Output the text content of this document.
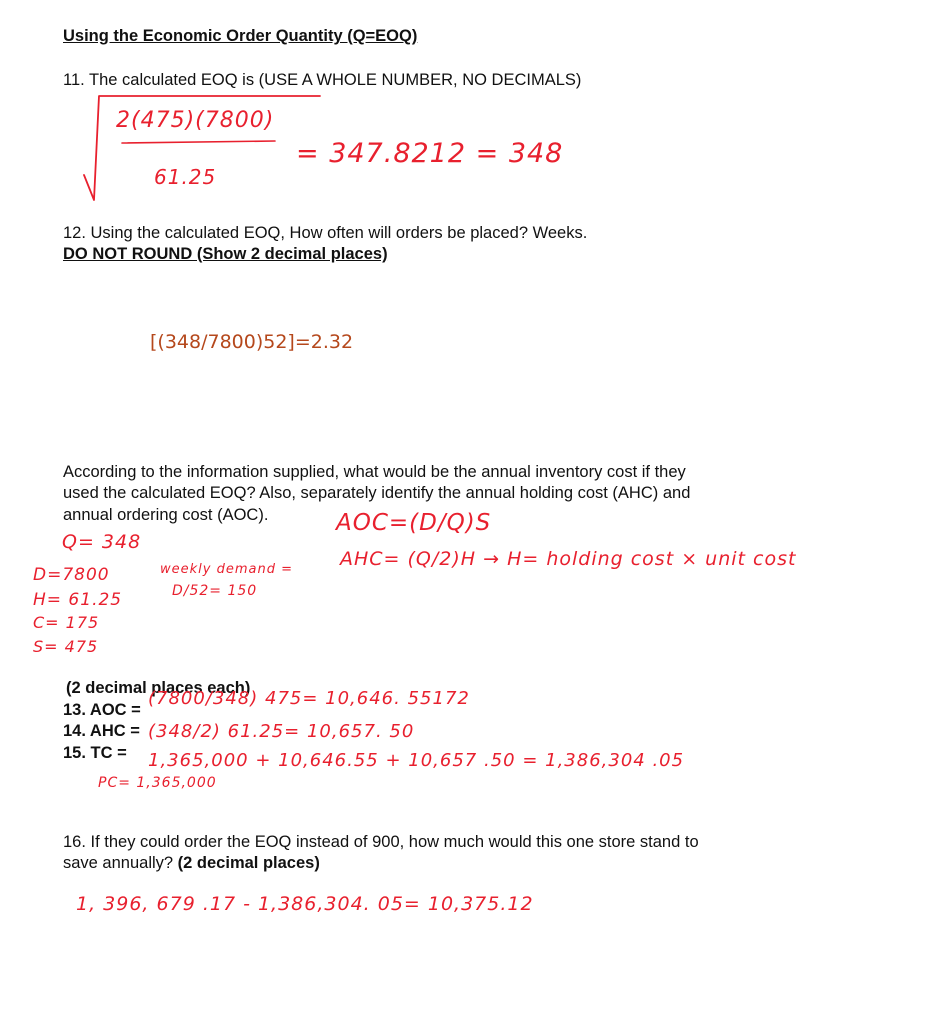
Using the Economic Order Quantity (Q=EOQ)
11. The calculated EOQ is (USE A WHOLE NUMBER, NO DECIMALS)
2(475)(7800)
61.25
= 347.8212 = 348
12. Using the calculated EOQ, How often will orders be placed? Weeks.
DO NOT ROUND (Show 2 decimal places)
[(348/7800)52]=2.32
According to the information supplied, what would be the annual inventory cost if they
used the calculated EOQ? Also, separately identify the annual holding cost (AHC) and
annual ordering cost (AOC).	AOC=(D/Q)S
AHC= (Q/2)H → H= holding cost × unit cost
Q= 348
D=7800
H= 61.25
C= 175
S= 475
weekly demand =
D/52= 150
(2 decimal places each)
13. AOC =
(7800/348) 475= 10,646. 55172
14. AHC = (348/2) 61.25= 10,657. 50
15. TC = 1,365,000 + 10,646.55 + 10,657 .50 = 1,386,304 .05
PC= 1,365,000
16. If they could order the EOQ instead of 900, how much would this one store stand to
save annually? (2 decimal places)
1, 396, 679 .17 - 1,386,304. 05= 10,375.12
